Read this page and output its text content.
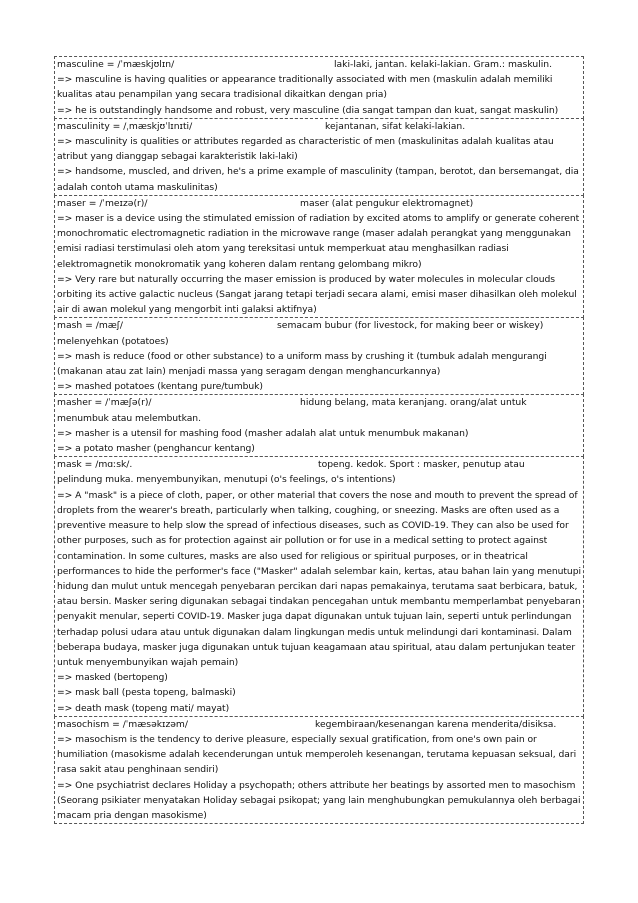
masculine = /ˈmæskjʊlɪn/	laki-laki, jantan. kelaki-lakian. Gram.: maskulin.
=> masculine is having qualities or appearance traditionally associated with men (maskulin adalah memiliki kualitas atau penampilan yang secara tradisional dikaitkan dengan pria)
=> he is outstandingly handsome and robust, very masculine (dia sangat tampan dan kuat, sangat maskulin)
masculinity = /ˌmæskjʊˈlɪnɪti/	kejantanan, sifat kelaki-lakian.
=> masculinity is qualities or attributes regarded as characteristic of men (maskulinitas adalah kualitas atau atribut yang dianggap sebagai karakteristik laki-laki)
=> handsome, muscled, and driven, he's a prime example of masculinity (tampan, berotot, dan bersemangat, dia adalah contoh utama maskulinitas)
maser = /ˈmeɪzə(r)/	maser (alat pengukur elektromagnet)
=> maser is a device using the stimulated emission of radiation by excited atoms to amplify or generate coherent monochromatic electromagnetic radiation in the microwave range (maser adalah perangkat yang menggunakan emisi radiasi terstimulasi oleh atom yang tereksitasi untuk memperkuat atau menghasilkan radiasi elektromagnetik monokromatik yang koheren dalam rentang gelombang mikro)
=> Very rare but naturally occurring the maser emission is produced by water molecules in molecular clouds orbiting its active galactic nucleus (Sangat jarang tetapi terjadi secara alami, emisi maser dihasilkan oleh molekul air di awan molekul yang mengorbit inti galaksi aktifnya)
mash = /mæʃ/	semacam bubur (for livestock, for making beer or wiskey)
melenyehkan (potatoes)
=> mash is reduce (food or other substance) to a uniform mass by crushing it (tumbuk adalah mengurangi (makanan atau zat lain) menjadi massa yang seragam dengan menghancurkannya)
=> mashed potatoes (kentang pure/tumbuk)
masher = /ˈmæʃə(r)/	hidung belang, mata keranjang. orang/alat untuk
menumbuk atau melembutkan.
=> masher is a utensil for mashing food (masher adalah alat untuk menumbuk makanan)
=> a potato masher (penghancur kentang)
mask = /mɑːsk/.	topeng. kedok. Sport : masker, penutup atau
pelindung muka. menyembunyikan, menutupi (o's feelings, o's intentions)
=> A "mask" is a piece of cloth, paper, or other material that covers the nose and mouth to prevent the spread of droplets from the wearer's breath, particularly when talking, coughing, or sneezing. Masks are often used as a preventive measure to help slow the spread of infectious diseases, such as COVID-19. They can also be used for other purposes, such as for protection against air pollution or for use in a medical setting to protect against contamination. In some cultures, masks are also used for religious or spiritual purposes, or in theatrical performances to hide the performer's face ("Masker" adalah selembar kain, kertas, atau bahan lain yang menutupi hidung dan mulut untuk mencegah penyebaran percikan dari napas pemakainya, terutama saat berbicara, batuk, atau bersin. Masker sering digunakan sebagai tindakan pencegahan untuk membantu memperlambat penyebaran penyakit menular, seperti COVID-19. Masker juga dapat digunakan untuk tujuan lain, seperti untuk perlindungan terhadap polusi udara atau untuk digunakan dalam lingkungan medis untuk melindungi dari kontaminasi. Dalam beberapa budaya, masker juga digunakan untuk tujuan keagamaan atau spiritual, atau dalam pertunjukan teater untuk menyembunyikan wajah pemain)
=> masked (bertopeng)
=> mask ball (pesta topeng, balmaski)
=> death mask (topeng mati/ mayat)
masochism = /ˈmæsəkɪzəm/	kegembiraan/kesenangan karena menderita/disiksa.
=> masochism is the tendency to derive pleasure, especially sexual gratification, from one's own pain or humiliation (masokisme adalah kecenderungan untuk memperoleh kesenangan, terutama kepuasan seksual, dari rasa sakit atau penghinaan sendiri)
=> One psychiatrist declares Holiday a psychopath; others attribute her beatings by assorted men to masochism (Seorang psikiater menyatakan Holiday sebagai psikopat; yang lain menghubungkan pemukulannya oleh berbagai macam pria dengan masokisme)
